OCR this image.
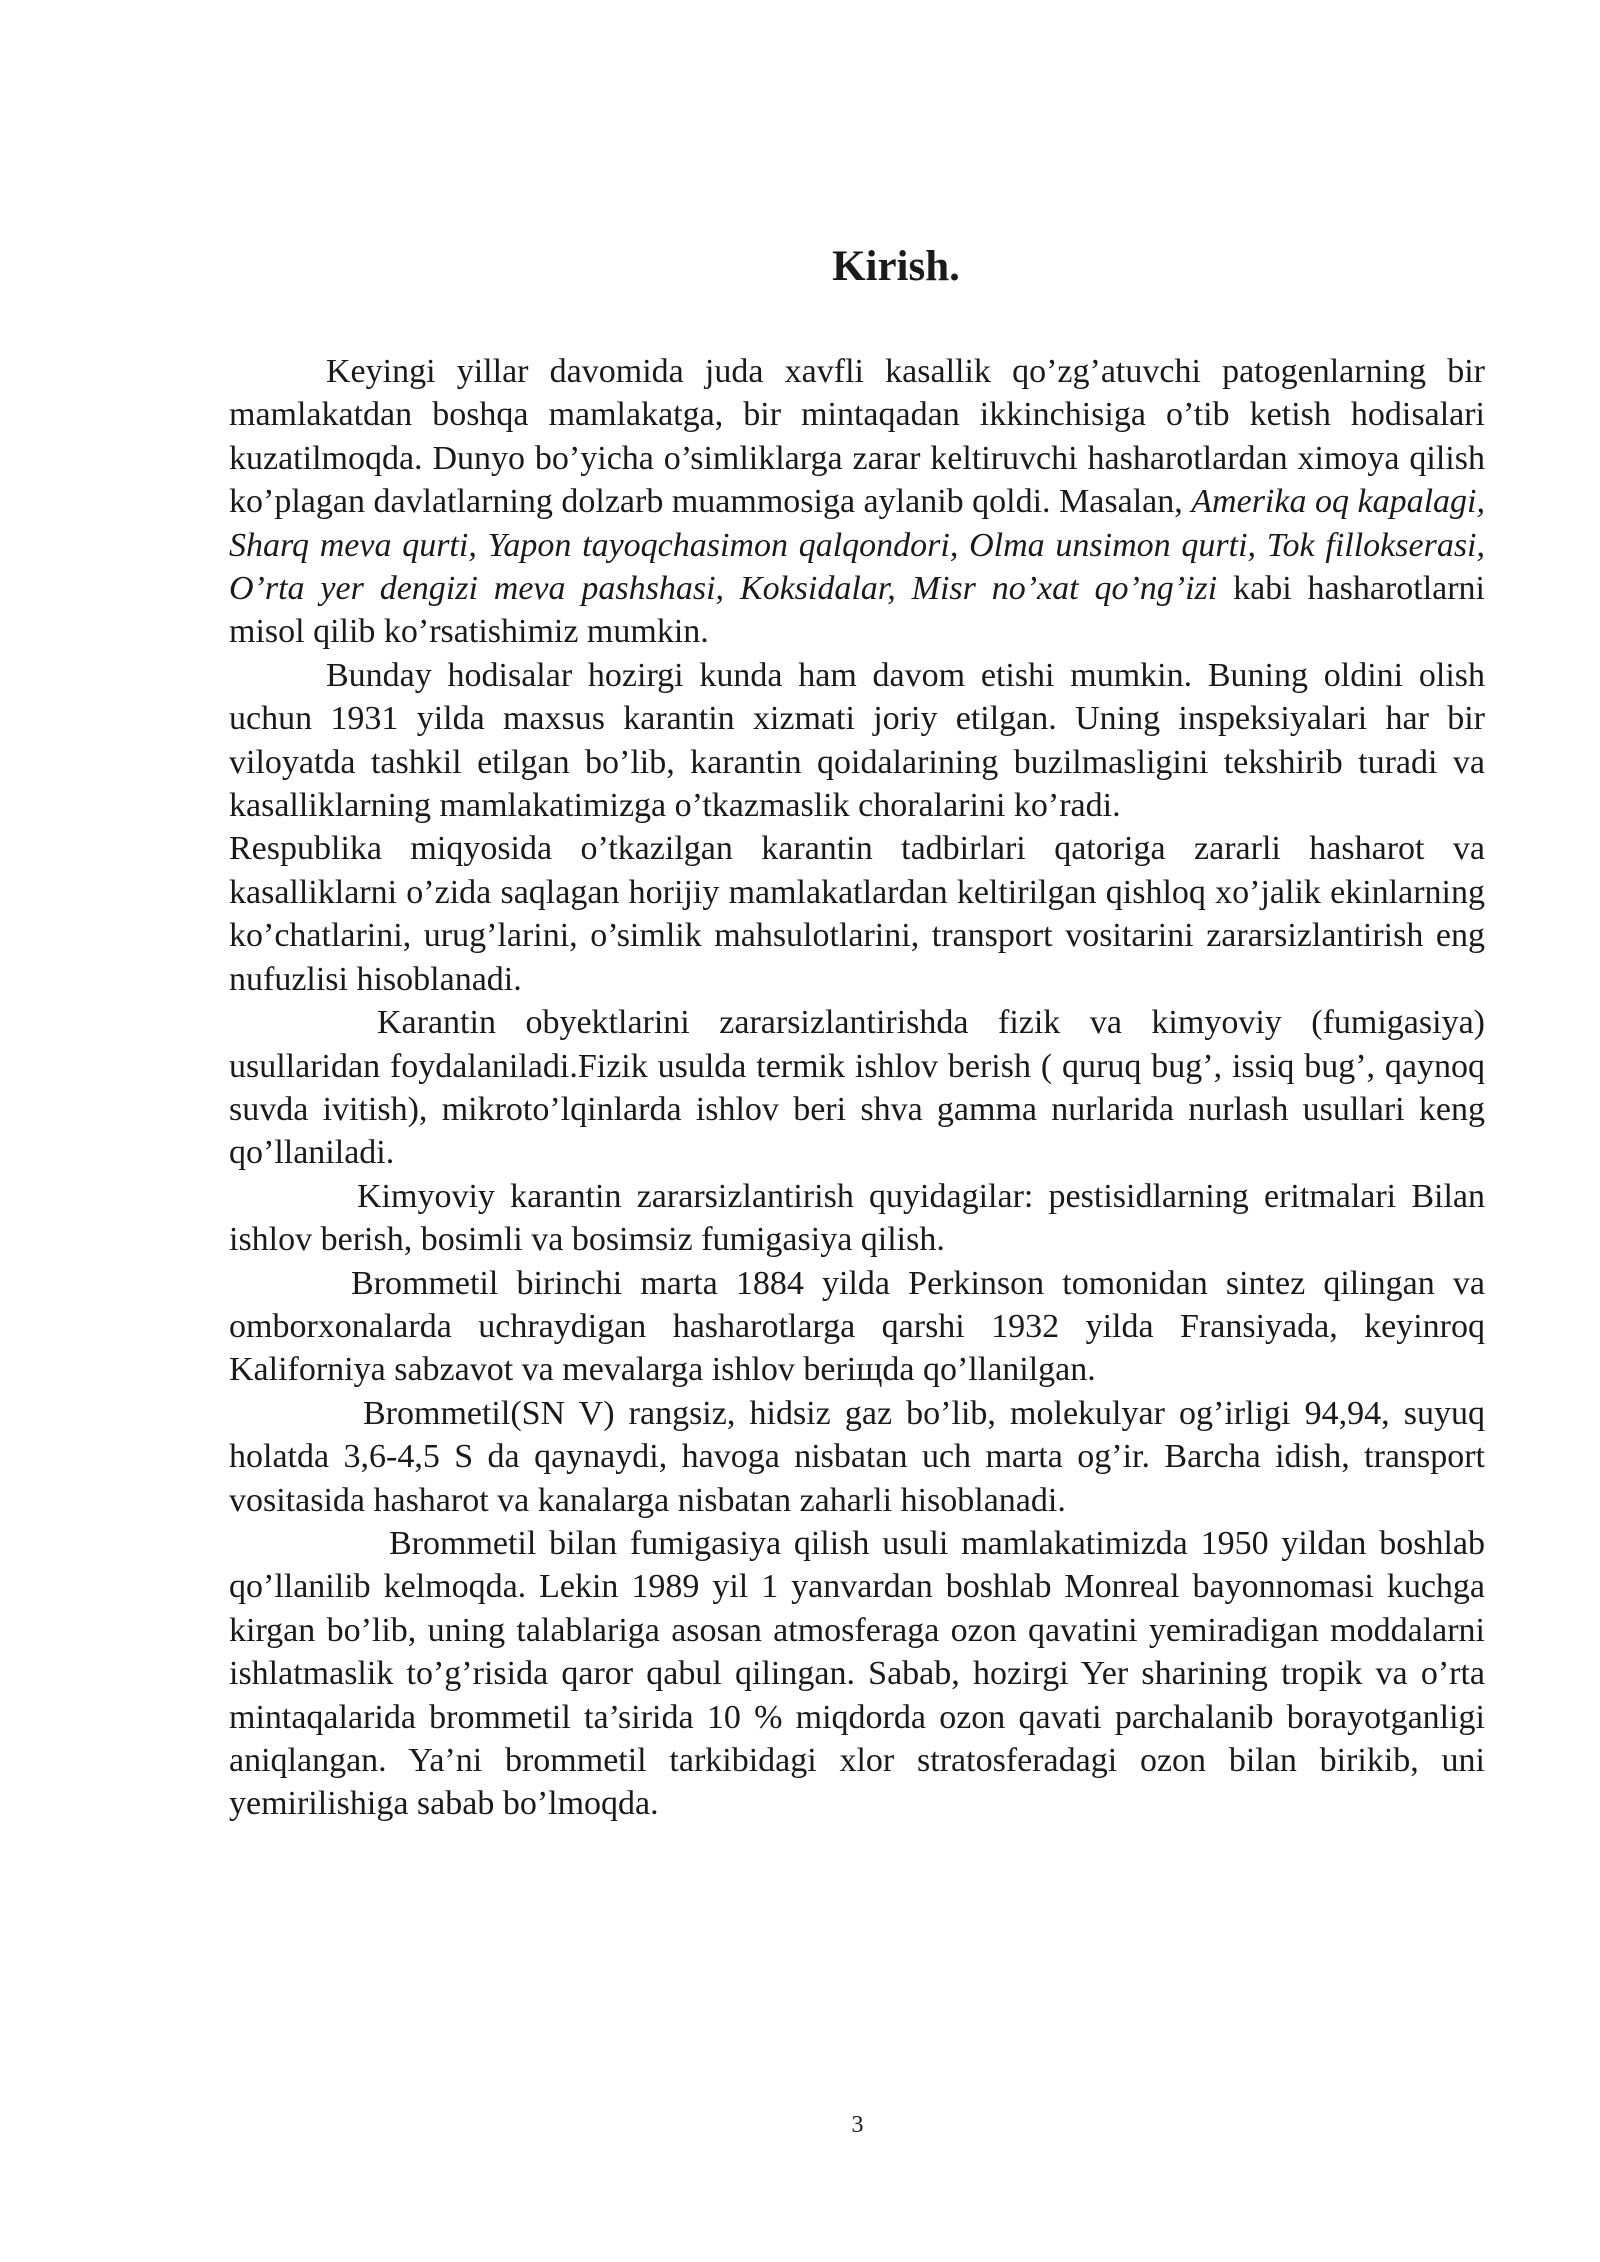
Kirish.

Keyingi yillar davomida juda xavfli kasallik qo’zg’atuvchi patogenlarning bir mamlakatdan boshqa mamlakatga, bir mintaqadan ikkinchisiga o’tib ketish hodisalari kuzatilmoqda. Dunyo bo’yicha o’simliklarga zarar keltiruvchi hasharotlardan ximoya qilish ko’plagan davlatlarning dolzarb muammosiga aylanib qoldi. Masalan, Amerika oq kapalagi, Sharq meva qurti, Yapon tayoqchasimon qalqondori, Olma unsimon qurti, Tok fillokserasi, O’rta yer dengizi meva pashshasi, Koksidalar, Misr no’xat qo’ng’izi kabi hasharotlarni misol qilib ko’rsatishimiz mumkin.

Bunday hodisalar hozirgi kunda ham davom etishi mumkin. Buning oldini olish uchun 1931 yilda maxsus karantin xizmati joriy etilgan. Uning inspeksiyalari har bir viloyatda tashkil etilgan bo’lib, karantin qoidalarining buzilmasligini tekshirib turadi va kasalliklarning mamlakatimizga o’tkazmaslik choralarini ko’radi.

Respublika miqyosida o’tkazilgan karantin tadbirlari qatoriga zararli hasharot va kasalliklarni o’zida saqlagan horijiy mamlakatlardan keltirilgan qishloq xo’jalik ekinlarning ko’chatlarini, urug’larini, o’simlik mahsulotlarini, transport vositarini zararsizlantirish eng nufuzlisi hisoblanadi.

Karantin obyektlarini zararsizlantirishda fizik va kimyoviy (fumigasiya) usullaridan foydalaniladi.Fizik usulda termik ishlov berish ( quruq bug’, issiq bug’, qaynoq suvda ivitish), mikroto’lqinlarda ishlov beri shva gamma nurlarida nurlash usullari keng qo’llaniladi.

Kimyoviy karantin zararsizlantirish quyidagilar: pestisidlarning eritmalari Bilan ishlov berish, bosimli va bosimsiz fumigasiya qilish.

Brommetil birinchi marta 1884 yilda Perkinson tomonidan sintez qilingan va omborxonalarda uchraydigan hasharotlarga qarshi 1932 yilda Fransiyada, keyinroq Kaliforniya sabzavot va mevalarga ishlov beriщda qo’llanilgan.

Brommetil(SN V) rangsiz, hidsiz gaz bo’lib, molekulyar og’irligi 94,94, suyuq holatda 3,6-4,5 S da qaynaydi, havoga nisbatan uch marta og’ir. Barcha idish, transport vositasida hasharot va kanalarga nisbatan zaharli hisoblanadi.

Brommetil bilan fumigasiya qilish usuli mamlakatimizda 1950 yildan boshlab qo’llanilib kelmoqda. Lekin 1989 yil 1 yanvardan boshlab Monreal bayonnomasi kuchga kirgan bo’lib, uning talablariga asosan atmosferaga ozon qavatini yemiradigan moddalarni ishlatmaslik to’g’risida qaror qabul qilingan. Sabab, hozirgi Yer sharining tropik va o’rta mintaqalarida brommetil ta’sirida 10 % miqdorda ozon qavati parchalanib borayotganligi aniqlangan. Ya’ni brommetil tarkibidagi xlor stratosferadagi ozon bilan birikib, uni yemirilishiga sabab bo’lmoqda.

3
